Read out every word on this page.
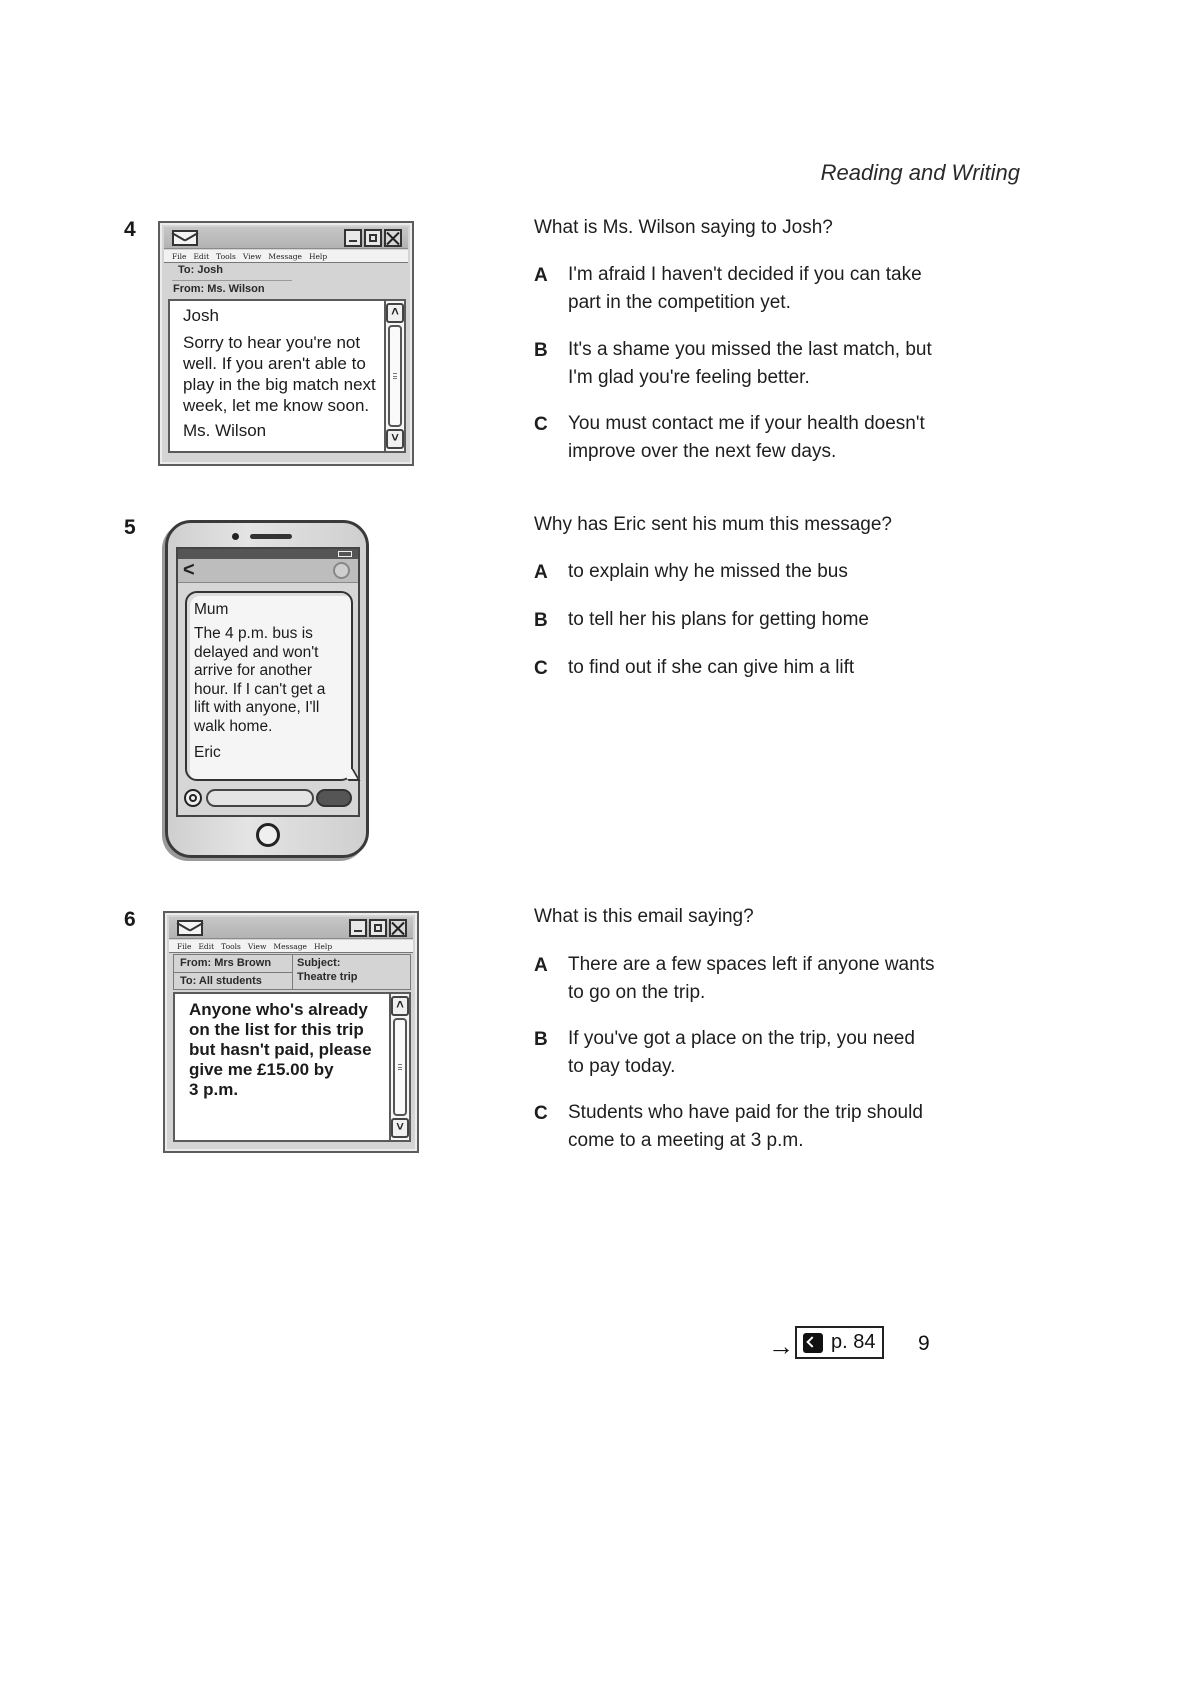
Reading and Writing
4
File Edit Tools View Message Help
To: Josh
From: Ms. Wilson
Josh
Sorry to hear you're not
well. If you aren't able to
play in the big match next
week, let me know soon.
Ms. Wilson
˄
˅
What is Ms. Wilson saying to Josh?
A I'm afraid I haven't decided if you can take
part in the competition yet.
B It's a shame you missed the last match, but
I'm glad you're feeling better.
C You must contact me if your health doesn't
improve over the next few days.
5
<
Mum
The 4 p.m. bus is
delayed and won't
arrive for another
hour. If I can't get a
lift with anyone, I'll
walk home.
Eric
Why has Eric sent his mum this message?
A to explain why he missed the bus
B to tell her his plans for getting home
C to find out if she can give him a lift
6
File Edit Tools View Message Help
From: Mrs Brown
To: All students
Subject:
Theatre trip
Anyone who's already
on the list for this trip
but hasn't paid, please
give me £15.00 by
3 p.m.
˄
˅
What is this email saying?
A There are a few spaces left if anyone wants
to go on the trip.
B If you've got a place on the trip, you need
to pay today.
C Students who have paid for the trip should
come to a meeting at 3 p.m.
→ p. 84 9
